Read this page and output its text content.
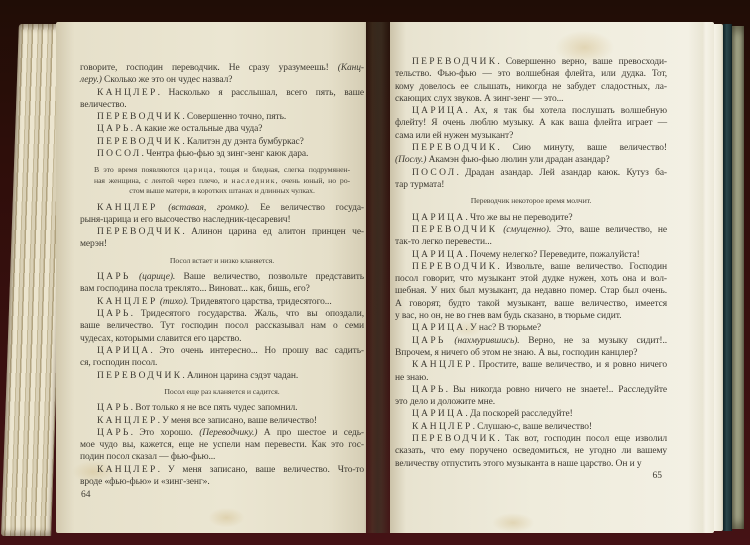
говорите, господин переводчик. Не сразу уразумеешь! (Канц-
леру.) Сколько же это он чудес назвал?
КАНЦЛЕР. Насколько я расслышал, всего пять, ваше
величество.
ПЕРЕВОДЧИК. Совершенно точно, пять.
ЦАРЬ. А какие же остальные два чуда?
ПЕРЕВОДЧИК. Калитэн ду дэнта бумбуркас?
ПОСОЛ. Чентра фью-фью эд зинг-зенг каюк дара.
В это время появляются царица, тощая и бледная, слегка подрумянен-
ная женщина, с лентой через плечо, и наследник, очень юный, но ро-
стом выше матери, в коротких штанах и длинных чулках.
КАНЦЛЕР (вставая, громко). Ее величество госуда-
рыня-царица и его высочество наследник-цесаревич!
ПЕРЕВОДЧИК. Алинон царина ед алитон принцен че-
мерэн!
Посол встает и низко кланяется.
ЦАРЬ (царице). Ваше величество, позвольте представить
вам господина посла треклято... Виноват... как, бишь, его?
КАНЦЛЕР (тихо). Тридевятого царства, тридесятого...
ЦАРЬ. Тридесятого государства. Жаль, что вы опоздали,
ваше величество. Тут господин посол рассказывал нам о семи
чудесах, которыми славится его царство.
ЦАРИЦА. Это очень интересно... Но прошу вас садить-
ся, господин посол.
ПЕРЕВОДЧИК. Алинон царина сэдэт чадан.
Посол еще раз кланяется и садится.
ЦАРЬ. Вот только я не все пять чудес запомнил.
КАНЦЛЕР. У меня все записано, ваше величество!
ЦАРЬ. Это хорошо. (Переводчику.) А про шестое и седь-
мое чудо вы, кажется, еще не успели нам перевести. Как это гос-
подин посол сказал — фью-фью...
КАНЦЛЕР. У меня записано, ваше величество. Что-то
вроде «фью-фью» и «зинг-зенг».
64
ПЕРЕВОДЧИК. Совершенно верно, ваше превосходи-
тельство. Фью-фью — это волшебная флейта, или дудка. Тот,
кому довелось ее слышать, никогда не забудет сладостных, ла-
скающих слух звуков. А зинг-зенг — это...
ЦАРИЦА. Ах, я так бы хотела послушать волшебную
флейту! Я очень люблю музыку. А как ваша флейта играет —
сама или ей нужен музыкант?
ПЕРЕВОДЧИК. Сию минуту, ваше величество!
(Послу.) Акамэн фью-фью люлин ули драдан азандар?
ПОСОЛ. Драдан азандар. Лей азандар каюк. Кутуз ба-
тар турмата!
Переводчик некоторое время молчит.
ЦАРИЦА. Что же вы не переводите?
ПЕРЕВОДЧИК (смущенно). Это, ваше величество, не
так-то легко перевести...
ЦАРИЦА. Почему нелегко? Переведите, пожалуйста!
ПЕРЕВОДЧИК. Извольте, ваше величество. Господин
посол говорит, что музыкант этой дудке нужен, хоть она и вол-
шебная. У них был музыкант, да недавно помер. Стар был очень.
А говорят, будто такой музыкант, ваше величество, имеется
у вас, но он, не во гнев вам будь сказано, в тюрьме сидит.
ЦАРИЦА. У нас? В тюрьме?
ЦАРЬ (нахмурившись). Верно, не за музыку сидит!..
Впрочем, я ничего об этом не знаю. А вы, господин канцлер?
КАНЦЛЕР. Простите, ваше величество, и я ровно ничего
не знаю.
ЦАРЬ. Вы никогда ровно ничего не знаете!.. Расследуйте
это дело и доложите мне.
ЦАРИЦА. Да поскорей расследуйте!
КАНЦЛЕР. Слушаю-с, ваше величество!
ПЕРЕВОДЧИК. Так вот, господин посол еще изволил
сказать, что ему поручено осведомиться, не угодно ли вашему
величеству отпустить этого музыканта в наше царство. Он и у
65
